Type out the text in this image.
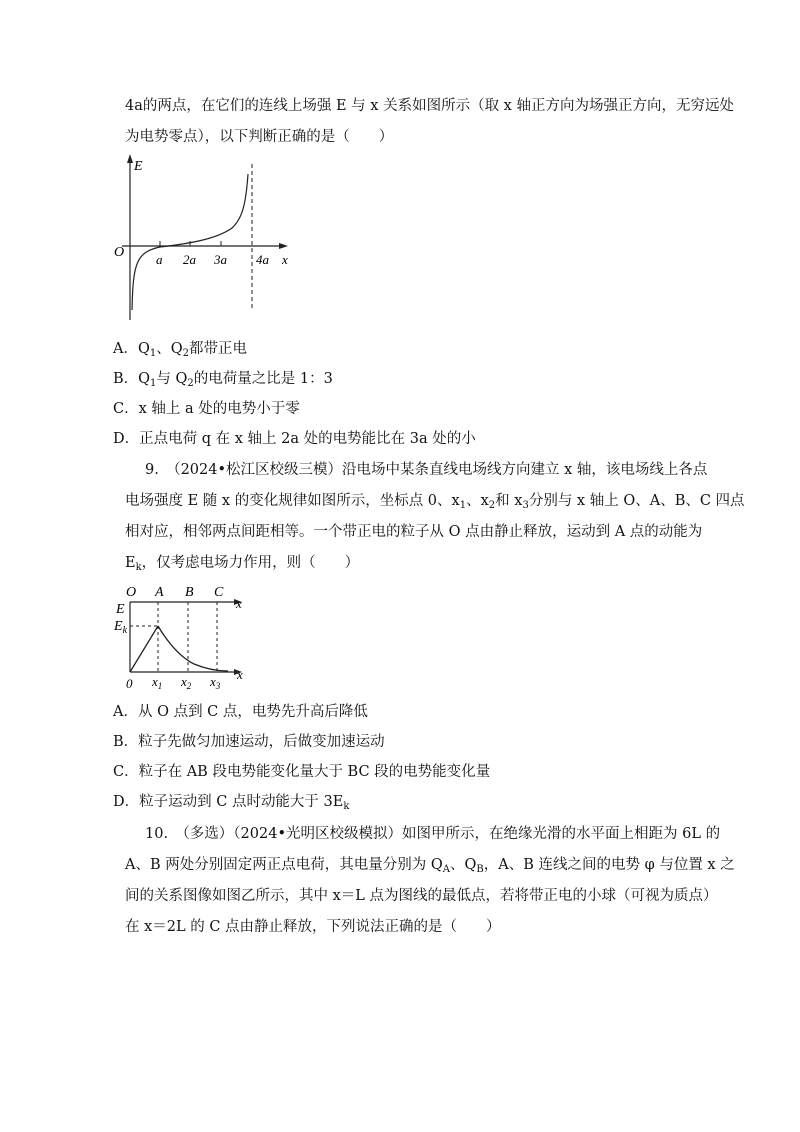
4a的两点，在它们的连线上场强 E 与 x 关系如图所示（取 x 轴正方向为场强正方向，无穷远处
为电势零点），以下判断正确的是（　　）
E
O a 2a 3a 4a x
A．$Q_1$、$Q_2$都带正电
B．$Q_1$与 $Q_2$的电荷量之比是 1：3
C．x 轴上 a 处的电势小于零
D．正点电荷 q 在 x 轴上 2a 处的电势能比在 3a 处的小
9.　（2024•松江区校级三模）沿电场中某条直线电场线方向建立 x 轴，该电场线上各点
电场强度 E 随 x 的变化规律如图所示，坐标点 0、$x_1$、$x_2$和 $x_3$分别与 x 轴上 O、A、B、C 四点
相对应，相邻两点间距相等。一个带正电的粒子从 O 点由静止释放，运动到 A 点的动能为
$E_k$，仅考虑电场力作用，则（　　）
O A B C
x
E
$E_k$
0 $x_1$ $x_2$ $x_3$
x
A．从 O 点到 C 点，电势先升高后降低
B．粒子先做匀加速运动，后做变加速运动
C．粒子在 AB 段电势能变化量大于 BC 段的电势能变化量
D．粒子运动到 C 点时动能大于 $3E_k$
10.　（多选）（2024•光明区校级模拟）如图甲所示，在绝缘光滑的水平面上相距为 6L 的
A、B 两处分别固定两正点电荷，其电量分别为 $Q_A$、$Q_B$，A、B 连线之间的电势 φ 与位置 x 之
间的关系图像如图乙所示，其中 x＝L 点为图线的最低点，若将带正电的小球（可视为质点）
在 x＝2L 的 C 点由静止释放，下列说法正确的是（　　）
